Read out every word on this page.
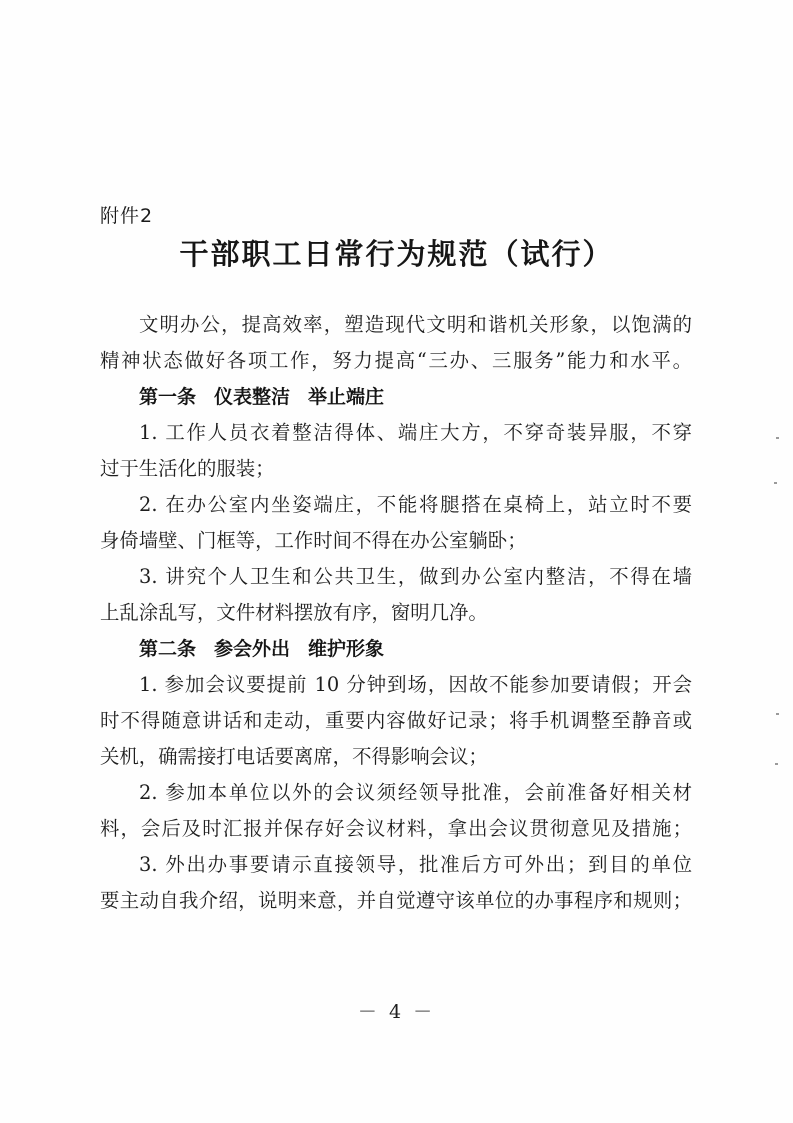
附件2
干部职工日常行为规范（试行）
文明办公，提高效率，塑造现代文明和谐机关形象，以饱满的
精神状态做好各项工作，努力提高“三办、三服务”能力和水平。
第一条 仪表整洁 举止端庄
1. 工作人员衣着整洁得体、端庄大方，不穿奇装异服，不穿
过于生活化的服装；
2. 在办公室内坐姿端庄，不能将腿搭在桌椅上，站立时不要
身倚墙壁、门框等，工作时间不得在办公室躺卧；
3. 讲究个人卫生和公共卫生，做到办公室内整洁，不得在墙
上乱涂乱写，文件材料摆放有序，窗明几净。
第二条 参会外出 维护形象
1. 参加会议要提前 10 分钟到场，因故不能参加要请假；开会
时不得随意讲话和走动，重要内容做好记录；将手机调整至静音或
关机，确需接打电话要离席，不得影响会议；
2. 参加本单位以外的会议须经领导批准，会前准备好相关材
料，会后及时汇报并保存好会议材料，拿出会议贯彻意见及措施；
3. 外出办事要请示直接领导，批准后方可外出；到目的单位
要主动自我介绍，说明来意，并自觉遵守该单位的办事程序和规则；
－ 4 －
